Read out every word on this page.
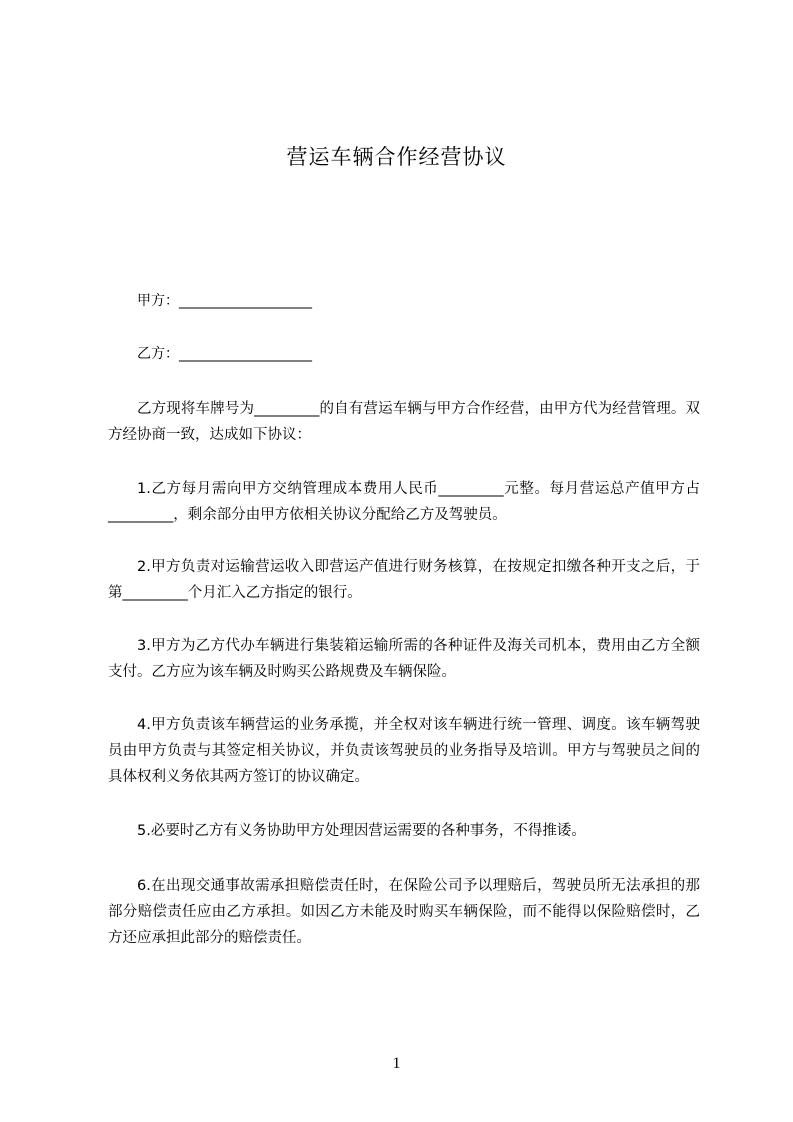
营运车辆合作经营协议
甲方：___________________
乙方：___________________
乙方现将车牌号为_________的自有营运车辆与甲方合作经营，由甲方代为经营管理。双方经协商一致，达成如下协议：
1.乙方每月需向甲方交纳管理成本费用人民币_________元整。每月营运总产值甲方占_________，剩余部分由甲方依相关协议分配给乙方及驾驶员。
2.甲方负责对运输营运收入即营运产值进行财务核算，在按规定扣缴各种开支之后，于第_________个月汇入乙方指定的银行。
3.甲方为乙方代办车辆进行集装箱运输所需的各种证件及海关司机本，费用由乙方全额支付。乙方应为该车辆及时购买公路规费及车辆保险。
4.甲方负责该车辆营运的业务承揽，并全权对该车辆进行统一管理、调度。该车辆驾驶员由甲方负责与其签定相关协议，并负责该驾驶员的业务指导及培训。甲方与驾驶员之间的具体权利义务依其两方签订的协议确定。
5.必要时乙方有义务协助甲方处理因营运需要的各种事务，不得推诿。
6.在出现交通事故需承担赔偿责任时，在保险公司予以理赔后，驾驶员所无法承担的那部分赔偿责任应由乙方承担。如因乙方未能及时购买车辆保险，而不能得以保险赔偿时，乙方还应承担此部分的赔偿责任。
1
